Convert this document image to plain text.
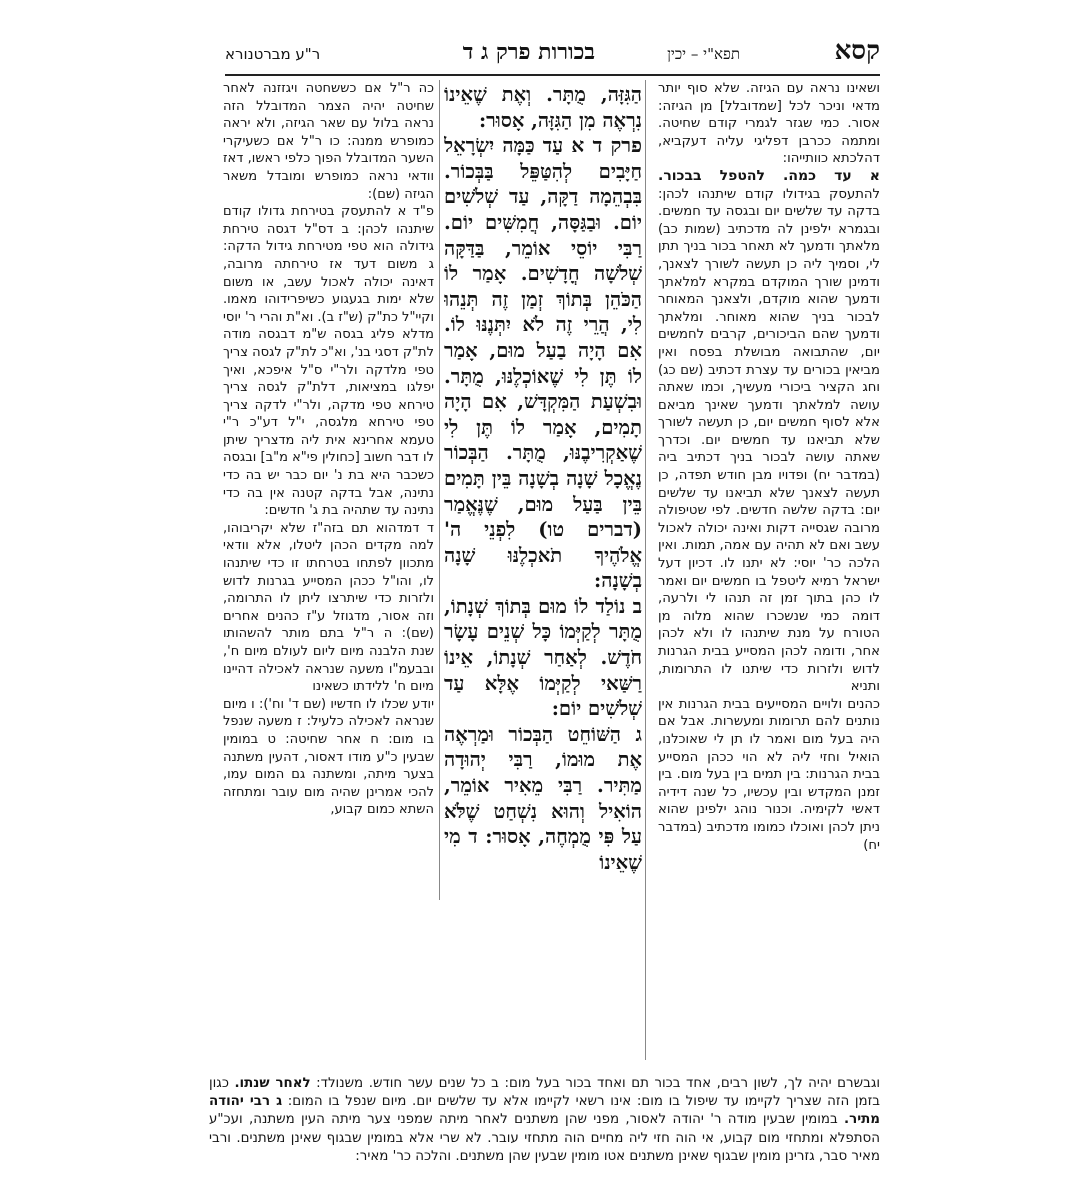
קסא
תפא"י – יכין
בכורות פרק ג ד
ר"ע מברטנורא
ושאינו נראה עם הגיזה. שלא סוף יותר מדאי וניכר לכל [שמדובלל] מן הגיזה: אסור. כמי שגזר לגמרי קודם שחיטה. ומתמה ככרבן דפליגי עליה דעקביא, דהלכתא כוותייהו:
א עד כמה. להטפל בבכור. להתעסק בגידולו קודם שיתנהו לכהן: בדקה עד שלשים יום ובגסה עד חמשים. ובגמרא ילפינן לה מדכתיב (שמות כב) מלאתך ודמעך לא תאחר בכור בניך תתן לי, וסמיך ליה כן תעשה לשורך לצאנך, ודמינן שורך המוקדם במקרא למלאתך ודמעך שהוא מוקדם, ולצאנך המאוחר לבכור בניך שהוא מאוחר. ומלאתך ודמעך שהם הביכורים, קרבים לחמשים יום, שהתבואה מבושלת בפסח ואין מביאין בכורים עד עצרת דכתיב (שם כג) וחג הקציר ביכורי מעשיך, וכמו שאתה עושה למלאתך ודמעך שאינך מביאם אלא לסוף חמשים יום, כן תעשה לשורך שלא תביאנו עד חמשים יום. וכדרך שאתה עושה לבכור בניך דכתיב ביה (במדבר יח) ופדויו מבן חודש תפדה, כן תעשה לצאנך שלא תביאנו עד שלשים יום: בדקה שלשה חדשים. לפי שטיפולה מרובה שגסייה דקות ואינה יכולה לאכול עשב ואם לא תהיה עם אמה, תמות. ואין הלכה כר' יוסי: לא יתנו לו. דכיון דעל ישראל רמיא ליטפל בו חמשים יום ואמר לו כהן בתוך זמן זה תנהו לי ולרעה, דומה כמי שנשכרו שהוא מלוה מן הטורח על מנת שיתנהו לו ולא לכהן אחר, ודומה לכהן המסייע בבית הגרנות לדוש ולזרות כדי שיתנו לו התרומות, ותניא
כהנים ולויים המסייעים בבית הגרנות אין נותנים להם תרומות ומעשרות. אבל אם היה בעל מום ואמר לו תן לי שאוכלנו, הואיל וחזי ליה לא הוי ככהן המסייע בבית הגרנות: בין תמים בין בעל מום. בין זמנן המקדש ובין עכשיו, כל שנה דידיה דאשי לקימיה. וכנור נוהג ילפינן שהוא ניתן לכהן ואוכלו כמומו מדכתיב (במדבר יח)
הַגִּזָּה, מֻתָּר. וְאֶת שֶׁאֵינוֹ נִרְאֶה מִן הַגִּזָּה, אָסוּר:
פרק ד א עַד כַּמָּה יִשְׂרָאֵל חַיָּבִים לְהִטַּפֵּל בַּבְּכוֹר. בִּבְהֵמָה דַקָּה, עַד שְׁלֹשִׁים יוֹם. וּבַגַּסָּה, חֲמִשִּׁים יוֹם. רַבִּי יוֹסֵי אוֹמֵר, בַּדַּקָּה שְׁלֹשָׁה חֳדָשִׁים. אָמַר לוֹ הַכֹּהֵן בְּתוֹךְ זְמַן זֶה תְּנֵהוּ לִי, הֲרֵי זֶה לֹא יִתְּנֶנּוּ לוֹ. אִם הָיָה בַעַל מוּם, אָמַר לוֹ תֶּן לִי שֶׁאוֹכְלֶנּוּ, מֻתָּר. וּבִשְׁעַת הַמִּקְדָּשׁ, אִם הָיָה תָמִים, אָמַר לוֹ תֶּן לִי שֶׁאַקְרִיבֶנּוּ, מֻתָּר. הַבְּכוֹר נֶאֱכָל שָׁנָה בְשָׁנָה בֵּין תָּמִים בֵּין בַּעַל מוּם, שֶׁנֶּאֱמַר (דברים טו) לִפְנֵי ה' אֱלֹהֶיךָ תֹאכְלֶנּוּ שָׁנָה בְשָׁנָה:
ב נוֹלַד לוֹ מוּם בְּתוֹךְ שְׁנָתוֹ, מֻתָּר לְקַיְּמוֹ כָּל שְׁנֵים עָשָׂר חֹדֶשׁ. לְאַחַר שְׁנָתוֹ, אֵינוֹ רַשַּׁאי לְקַיְּמוֹ אֶלָּא עַד שְׁלֹשִׁים יוֹם:
ג הַשּׁוֹחֵט הַבְּכוֹר וּמַרְאֶה אֶת מוּמוֹ, רַבִּי יְהוּדָה מַתִּיר. רַבִּי מֵאִיר אוֹמֵר, הוֹאִיל וְהוּא נִשְׁחַט שֶׁלֹּא עַל פִּי מֻמְחֶה, אָסוּר: ד מִי שֶׁאֵינוֹ
כה ר"ל אם כששחטה ויגזזנה לאחר שחיטה יהיה הצמר המדובלל הזה נראה בלול עם שאר הגיזה, ולא יראה כמופרש ממנה: כו ר"ל אם כשעיקרי השער המדובלל הפוך כלפי ראשו, דאז וודאי נראה כמופרש ומובדל משאר הגיזה (שם):
פ"ד א להתעסק בטירחת גדולו קודם שיתנהו לכהן: ב דס"ל דגסה טירחת גידולה הוא טפי מטירחת גידול הדקה: ג משום דעד אז טירחתה מרובה, דאינה יכולה לאכול עשב, או משום שלא ימות בגעגוע כשיפרידוהו מאמו. וקיי"ל כת"ק (ש"ז ב). וא"ת והרי ר' יוסי מדלא פליג בגסה ש"מ דבגסה מודה לת"ק דסגי בנ', וא"כ לת"ק לגסה צריך טפי מלדקה ולר"י ס"ל איפכא, ואיך יפלגו במציאות, דלת"ק לגסה צריך טירחא טפי מדקה, ולר"י לדקה צריך טפי טירחא מלגסה, י"ל דע"כ ר"י טעמא אחרינא אית ליה מדצריך שיתן לו דבר חשוב [כחולין פי"א מ"ב] ובגסה כשכבר היא בת נ' יום כבר יש בה כדי נתינה, אבל בדקה קטנה אין בה כדי נתינה עד שתהיה בת ג' חדשים:
ד דמדהוא תם בזה"ז שלא יקריבוהו, למה מקדים הכהן ליטלו, אלא וודאי מתכוון לפתחו בטרחתו זו כדי שיתנהו לו, והו"ל ככהן המסייע בגרנות לדוש ולזרות כדי שיתרצו ליתן לו התרומה, וזה אסור, מדגוזל ע"ז כהנים אחרים (שם): ה ר"ל בתם מותר להשהותו שנת הלבנה מיום ליום לעולם מיום ח', ובבעמ"ו משעה שנראה לאכילה דהיינו מיום ח' ללידתו כשאינו
יודע שכלו לו חדשיו (שם ד' וח'): ו מיום שנראה לאכילה כלעיל: ז משעה שנפל בו מום: ח אחר שחיטה: ט במומין שבעין כ"ע מודו דאסור, דהעין משתנה בצער מיתה, ומשתנה גם המום עמו, להכי אמרינן שהיה מום עובר ומתחזה השתא כמום קבוע,
וגבשרם יהיה לך, לשון רבים, אחד בכור תם ואחד בכור בעל מום: ב כל שנים עשר חודש. משנולד: לאחר שנתו. כגון בזמן הזה שצריך לקיימו עד שיפול בו מום: אינו רשאי לקיימו אלא עד שלשים יום. מיום שנפל בו המום: ג רבי יהודה מתיר. במומין שבעין מודה ר' יהודה לאסור, מפני שהן משתנים לאחר מיתה שמפני צער מיתה העין משתנה, ועכ"ע הסתפלא ומתחזי מום קבוע, אי הוה חזי ליה מחיים הוה מתחזי עובר. לא שרי אלא במומין שבגוף שאינן משתנים. ורבי מאיר סבר, גזרינן מומין שבגוף שאינן משתנים אטו מומין שבעין שהן משתנים. והלכה כר' מאיר:
